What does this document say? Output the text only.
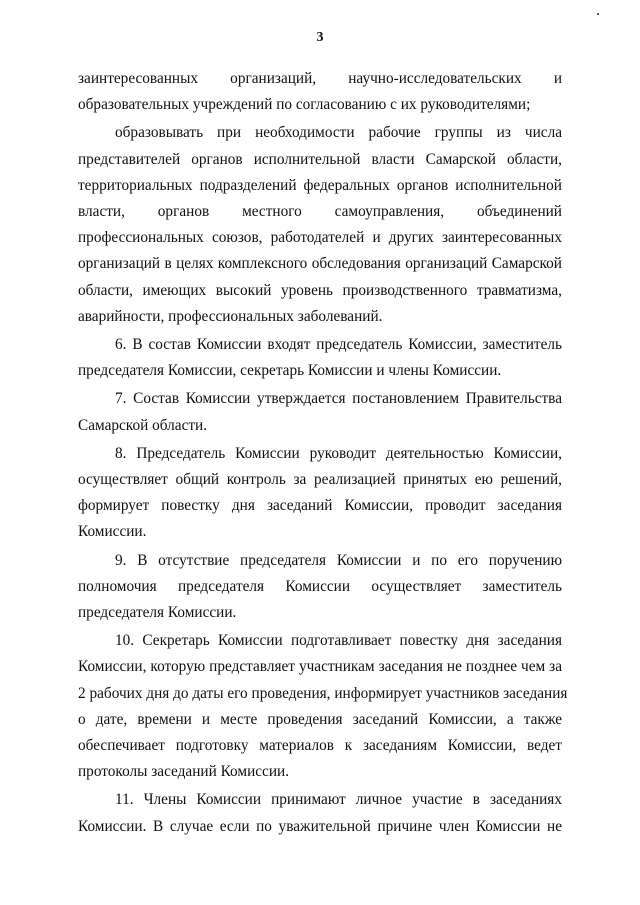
3
заинтересованных организаций, научно-исследовательских и
образовательных учреждений по согласованию с их руководителями;
образовывать при необходимости рабочие группы из числа
представителей органов исполнительной власти Самарской области,
территориальных подразделений федеральных органов исполнительной
власти, органов местного самоуправления, объединений
профессиональных союзов, работодателей и других заинтересованных
организаций в целях комплексного обследования организаций Самарской
области, имеющих высокий уровень производственного травматизма,
аварийности, профессиональных заболеваний.
6. В состав Комиссии входят председатель Комиссии, заместитель
председателя Комиссии, секретарь Комиссии и члены Комиссии.
7. Состав Комиссии утверждается постановлением Правительства
Самарской области.
8. Председатель Комиссии руководит деятельностью Комиссии,
осуществляет общий контроль за реализацией принятых ею решений,
формирует повестку дня заседаний Комиссии, проводит заседания
Комиссии.
9. В отсутствие председателя Комиссии и по его поручению
полномочия председателя Комиссии осуществляет заместитель
председателя Комиссии.
10. Секретарь Комиссии подготавливает повестку дня заседания
Комиссии, которую представляет участникам заседания не позднее чем за
2 рабочих дня до даты его проведения, информирует участников заседания
о дате, времени и месте проведения заседаний Комиссии, а также
обеспечивает подготовку материалов к заседаниям Комиссии, ведет
протоколы заседаний Комиссии.
11. Члены Комиссии принимают личное участие в заседаниях
Комиссии. В случае если по уважительной причине член Комиссии не
